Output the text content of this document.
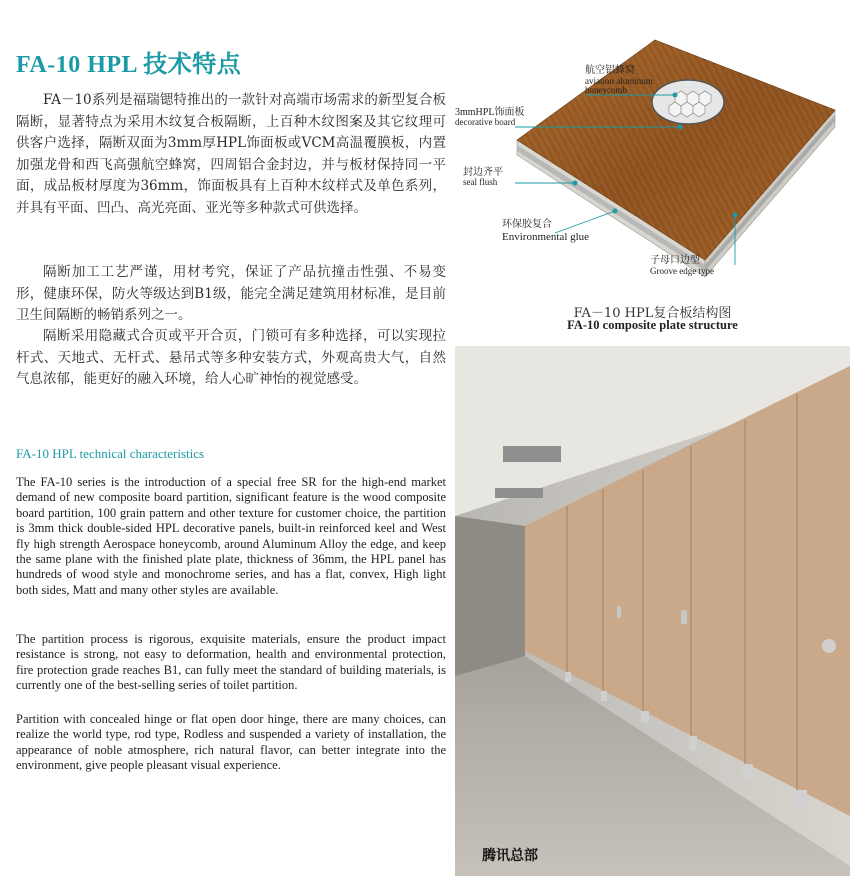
FA-10 HPL 技术特点

FA－10系列是福瑞锶特推出的一款针对高端市场需求的新型复合板隔断，显著特点为采用木纹复合板隔断，上百种木纹图案及其它纹理可供客户选择，隔断双面为3mm厚HPL饰面板或VCM高温覆膜板，内置加强龙骨和西飞高强航空蜂窝，四周铝合金封边，并与板材保持同一平面，成品板材厚度为36mm，饰面板具有上百种木纹样式及单色系列，并具有平面、凹凸、高光亮面、亚光等多种款式可供选择。

隔断加工工艺严谨，用材考究，保证了产品抗撞击性强、不易变形，健康环保，防火等级达到B1级，能完全满足建筑用材标准，是目前卫生间隔断的畅销系列之一。

隔断采用隐藏式合页或平开合页，门锁可有多种选择，可以实现拉杆式、天地式、无杆式、悬吊式等多种安装方式，外观高贵大气，自然气息浓郁，能更好的融入环境，给人心旷神怡的视觉感受。

FA-10 HPL technical characteristics

The FA-10 series is the introduction of a special free SR for the high-end market demand of new composite board partition, significant feature is the wood composite board partition, 100 grain pattern and other texture for customer choice, the partition is 3mm thick double-sided HPL decorative panels, built-in reinforced keel and West fly high strength Aerospace honeycomb, around Aluminum Alloy the edge, and keep the same plane with the finished plate plate, thickness of 36mm, the HPL panel has hundreds of wood style and monochrome series, and has a flat, convex, High light both sides, Matt and many other styles are available.

The partition process is rigorous, exquisite materials, ensure the product impact resistance is strong, not easy to deformation, health and environmental protection, fire protection grade reaches B1, can fully meet the standard of building materials, is currently one of the best-selling series of toilet partition.

Partition with concealed hinge or flat open door hinge, there are many choices, can realize the world type, rod type, Rodless and suspended a variety of installation, the appearance of noble atmosphere, rich natural flavor, can better integrate into the environment, give people pleasant visual experience.

航空铝蜂窝
aviation aluminum
honeycomb
3mmHPL饰面板
decorative board
封边齐平
seal flush
环保胶复合
Environmental glue
子母口边型
Groove edge type
FA－10 HPL复合板结构图
FA-10 composite plate structure
腾讯总部
